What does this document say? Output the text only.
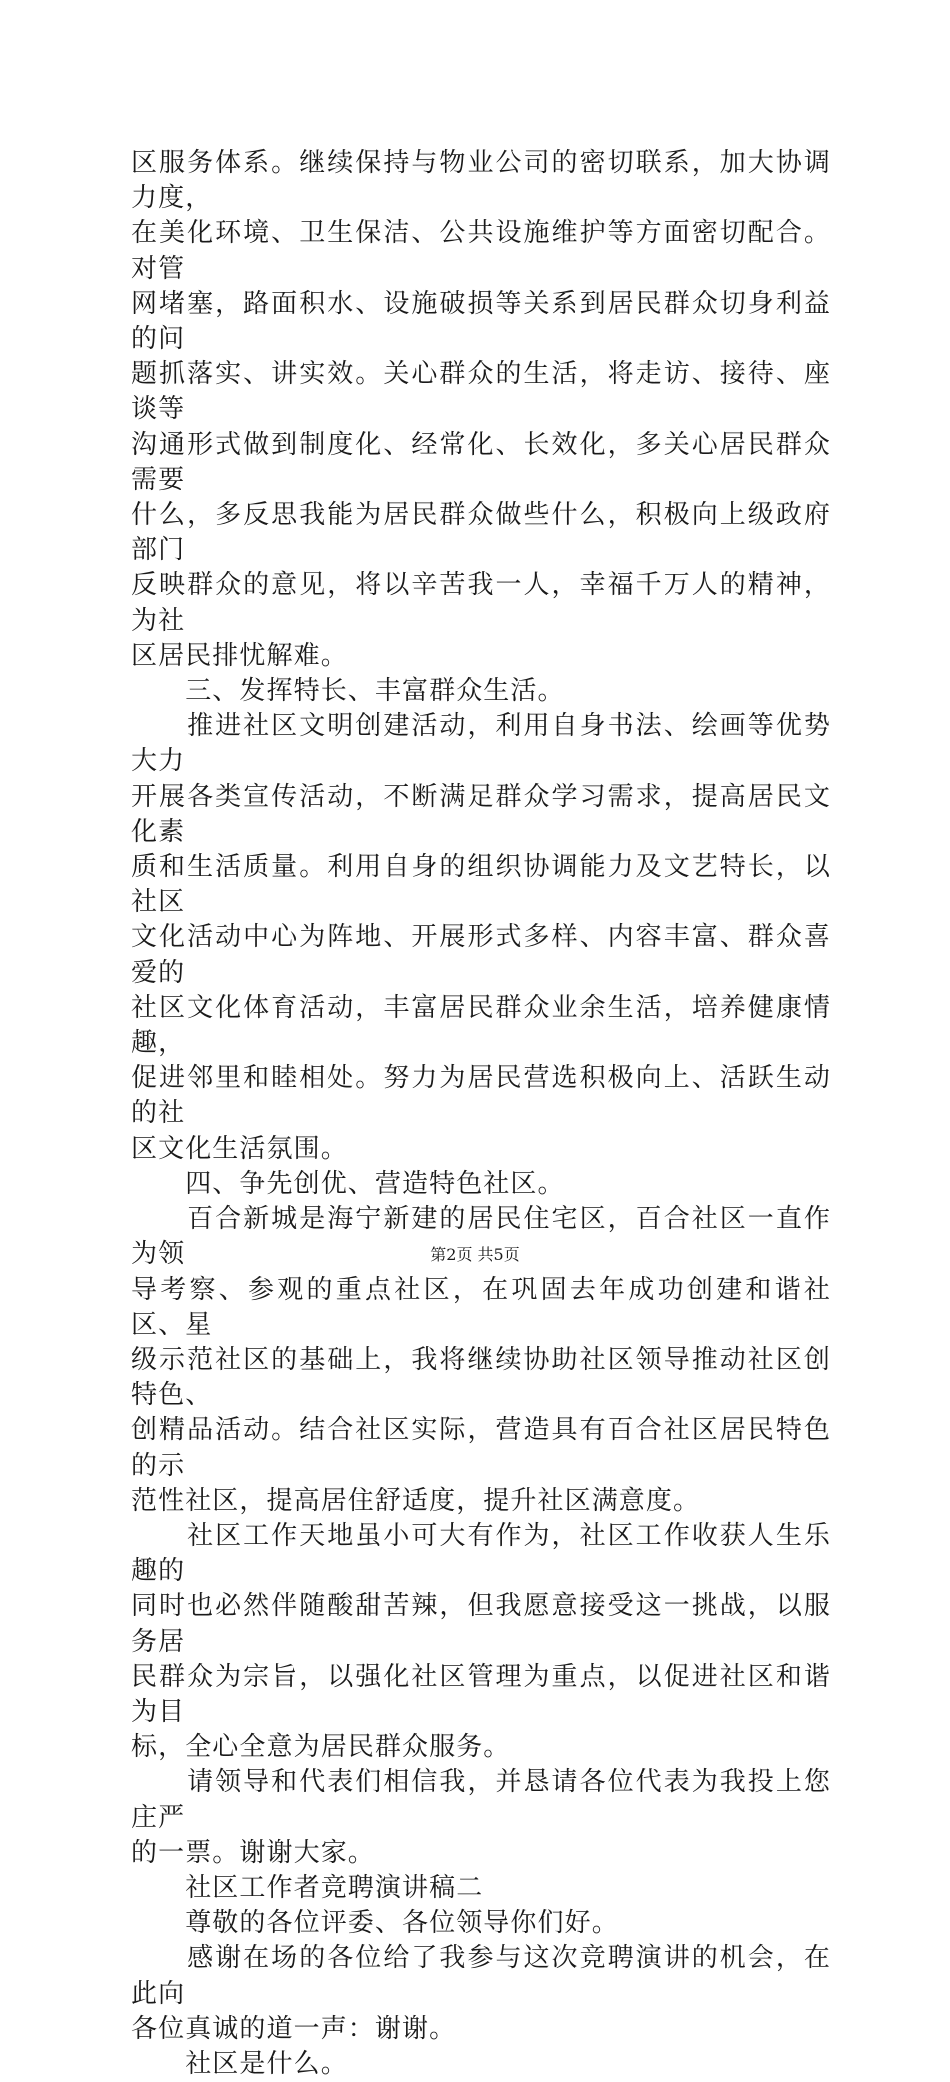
区服务体系。继续保持与物业公司的密切联系，加大协调力度，

在美化环境、卫生保洁、公共设施维护等方面密切配合。对管

网堵塞，路面积水、设施破损等关系到居民群众切身利益的问

题抓落实、讲实效。关心群众的生活，将走访、接待、座谈等

沟通形式做到制度化、经常化、长效化，多关心居民群众需要

什么，多反思我能为居民群众做些什么，积极向上级政府部门

反映群众的意见，将以辛苦我一人，幸福千万人的精神，为社

区居民排忧解难。

　　三、发挥特长、丰富群众生活。

　　推进社区文明创建活动，利用自身书法、绘画等优势大力

开展各类宣传活动，不断满足群众学习需求，提高居民文化素

质和生活质量。利用自身的组织协调能力及文艺特长，以社区

文化活动中心为阵地、开展形式多样、内容丰富、群众喜爱的

社区文化体育活动，丰富居民群众业余生活，培养健康情趣，

促进邻里和睦相处。努力为居民营选积极向上、活跃生动的社

区文化生活氛围。

　　四、争先创优、营造特色社区。

　　百合新城是海宁新建的居民住宅区，百合社区一直作为领

导考察、参观的重点社区，在巩固去年成功创建和谐社区、星

级示范社区的基础上，我将继续协助社区领导推动社区创特色、

创精品活动。结合社区实际，营造具有百合社区居民特色的示

范性社区，提高居住舒适度，提升社区满意度。

　　社区工作天地虽小可大有作为，社区工作收获人生乐趣的

同时也必然伴随酸甜苦辣，但我愿意接受这一挑战，以服务居

民群众为宗旨，以强化社区管理为重点，以促进社区和谐为目

标，全心全意为居民群众服务。

　　请领导和代表们相信我，并恳请各位代表为我投上您庄严

的一票。谢谢大家。

　　社区工作者竞聘演讲稿二

　　尊敬的各位评委、各位领导你们好。

　　感谢在场的各位给了我参与这次竞聘演讲的机会，在此向

各位真诚的道一声：谢谢。

　　社区是什么。

第2页 共5页
